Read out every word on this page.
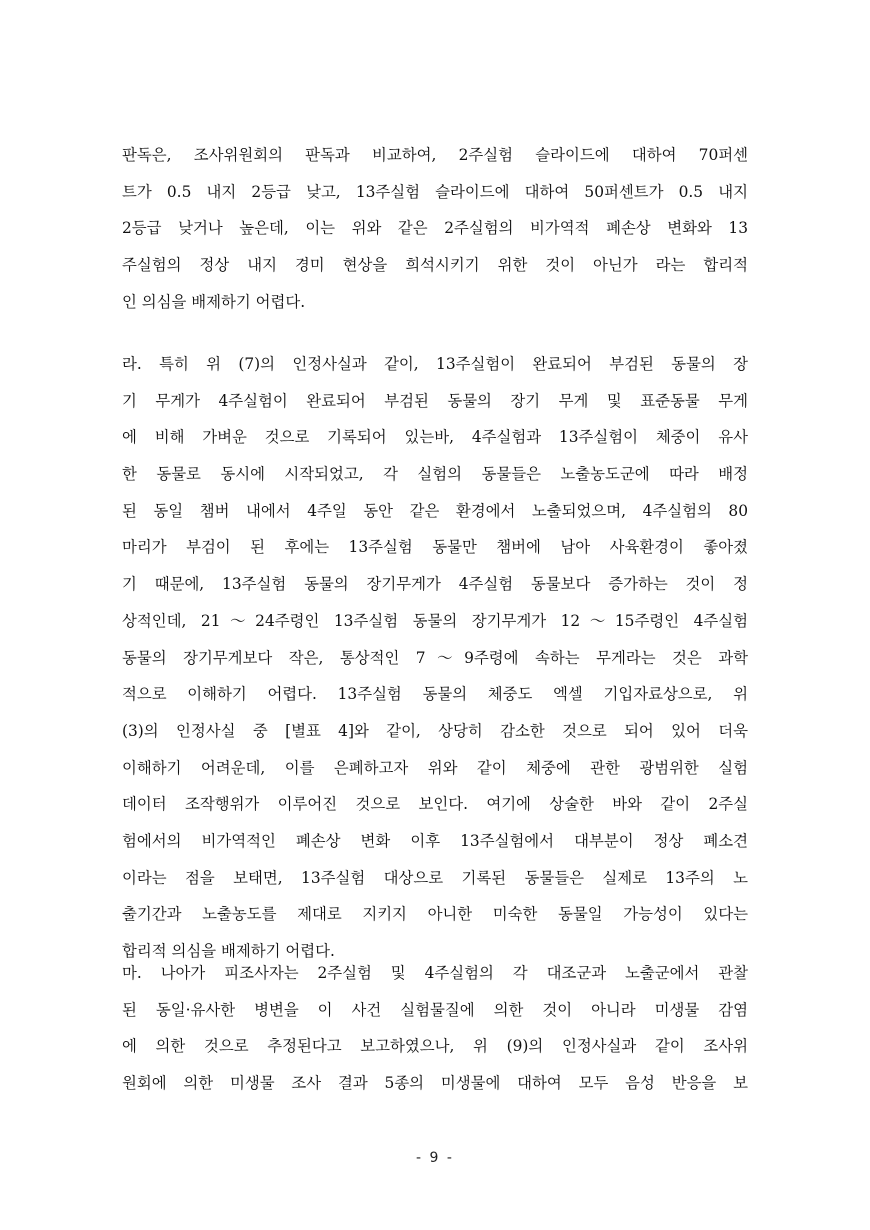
판독은, 조사위원회의 판독과 비교하여, 2주실험 슬라이드에 대하여 70퍼센
트가 0.5 내지 2등급 낮고, 13주실험 슬라이드에 대하여 50퍼센트가 0.5 내지
2등급 낮거나 높은데, 이는 위와 같은 2주실험의 비가역적 폐손상 변화와 13
주실험의 정상 내지 경미 현상을 희석시키기 위한 것이 아닌가 라는 합리적
인 의심을 배제하기 어렵다.
라. 특히 위 (7)의 인정사실과 같이, 13주실험이 완료되어 부검된 동물의 장
기 무게가 4주실험이 완료되어 부검된 동물의 장기 무게 및 표준동물 무게
에 비해 가벼운 것으로 기록되어 있는바, 4주실험과 13주실험이 체중이 유사
한 동물로 동시에 시작되었고, 각 실험의 동물들은 노출농도군에 따라 배정
된 동일 챔버 내에서 4주일 동안 같은 환경에서 노출되었으며, 4주실험의 80
마리가 부검이 된 후에는 13주실험 동물만 챔버에 남아 사육환경이 좋아졌
기 때문에, 13주실험 동물의 장기무게가 4주실험 동물보다 증가하는 것이 정
상적인데, 21～24주령인 13주실험 동물의 장기무게가 12～15주령인 4주실험
동물의 장기무게보다 작은, 통상적인 7～9주령에 속하는 무게라는 것은 과학
적으로 이해하기 어렵다. 13주실험 동물의 체중도 엑셀 기입자료상으로, 위
(3)의 인정사실 중 [별표 4]와 같이, 상당히 감소한 것으로 되어 있어 더욱
이해하기 어려운데, 이를 은폐하고자 위와 같이 체중에 관한 광범위한 실험
데이터 조작행위가 이루어진 것으로 보인다. 여기에 상술한 바와 같이 2주실
험에서의 비가역적인 폐손상 변화 이후 13주실험에서 대부분이 정상 폐소견
이라는 점을 보태면, 13주실험 대상으로 기록된 동물들은 실제로 13주의 노
출기간과 노출농도를 제대로 지키지 아니한 미숙한 동물일 가능성이 있다는
합리적 의심을 배제하기 어렵다.
마. 나아가 피조사자는 2주실험 및 4주실험의 각 대조군과 노출군에서 관찰
된 동일·유사한 병변을 이 사건 실험물질에 의한 것이 아니라 미생물 감염
에 의한 것으로 추정된다고 보고하였으나, 위 (9)의 인정사실과 같이 조사위
원회에 의한 미생물 조사 결과 5종의 미생물에 대하여 모두 음성 반응을 보
- 9 -
